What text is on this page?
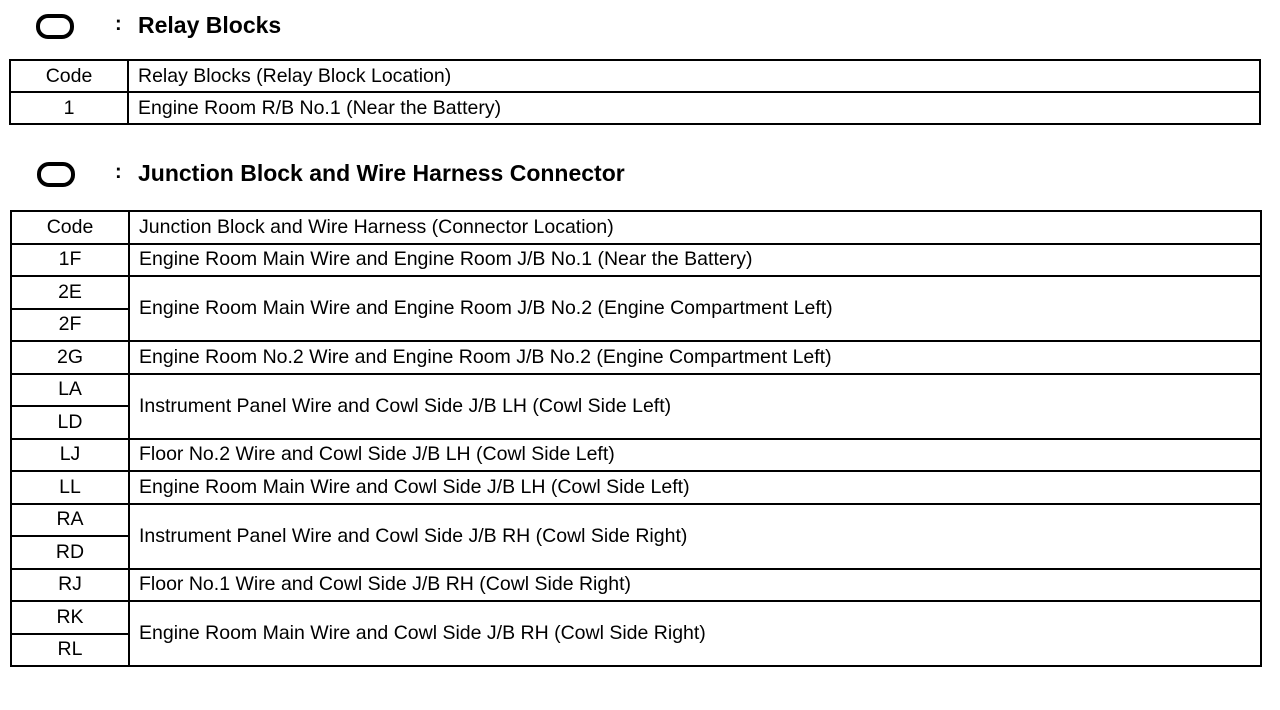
: Relay Blocks
Code	Relay Blocks (Relay Block Location)
1	Engine Room R/B No.1 (Near the Battery)
: Junction Block and Wire Harness Connector
Code	Junction Block and Wire Harness (Connector Location)
1F	Engine Room Main Wire and Engine Room J/B No.1 (Near the Battery)
2E	Engine Room Main Wire and Engine Room J/B No.2 (Engine Compartment Left)
2F	
2G	Engine Room No.2 Wire and Engine Room J/B No.2 (Engine Compartment Left)
LA	Instrument Panel Wire and Cowl Side J/B LH (Cowl Side Left)
LD	
LJ	Floor No.2 Wire and Cowl Side J/B LH (Cowl Side Left)
LL	Engine Room Main Wire and Cowl Side J/B LH (Cowl Side Left)
RA	Instrument Panel Wire and Cowl Side J/B RH (Cowl Side Right)
RD	
RJ	Floor No.1 Wire and Cowl Side J/B RH (Cowl Side Right)
RK	Engine Room Main Wire and Cowl Side J/B RH (Cowl Side Right)
RL	
